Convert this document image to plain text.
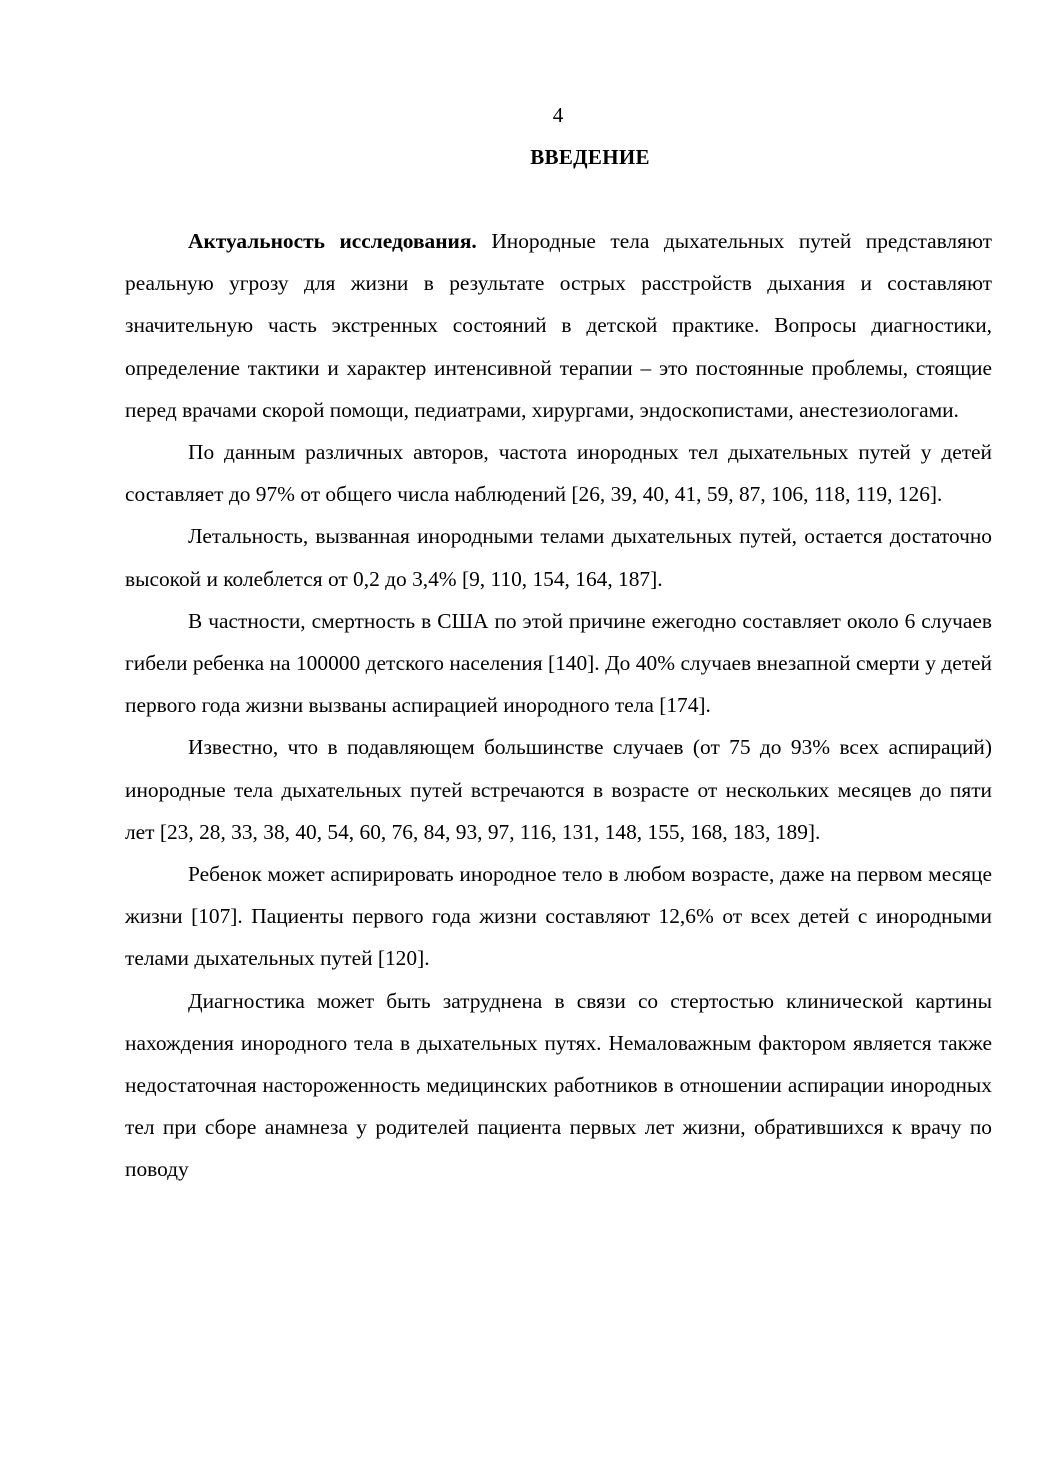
4
ВВЕДЕНИЕ

Актуальность исследования. Инородные тела дыхательных путей представляют реальную угрозу для жизни в результате острых расстройств дыхания и составляют значительную часть экстренных состояний в детской практике. Вопросы диагностики, определение тактики и характер интенсивной терапии – это постоянные проблемы, стоящие перед врачами скорой помощи, педиатрами, хирургами, эндоскопистами, анестезиологами.

По данным различных авторов, частота инородных тел дыхательных путей у детей составляет до 97% от общего числа наблюдений [26, 39, 40, 41, 59, 87, 106, 118, 119, 126].

Летальность, вызванная инородными телами дыхательных путей, остается достаточно высокой и колеблется от 0,2 до 3,4% [9, 110, 154, 164, 187].

В частности, смертность в США по этой причине ежегодно составляет около 6 случаев гибели ребенка на 100000 детского населения [140]. До 40% случаев внезапной смерти у детей первого года жизни вызваны аспирацией инородного тела [174].

Известно, что в подавляющем большинстве случаев (от 75 до 93% всех аспираций) инородные тела дыхательных путей встречаются в возрасте от нескольких месяцев до пяти лет [23, 28, 33, 38, 40, 54, 60, 76, 84, 93, 97, 116, 131, 148, 155, 168, 183, 189].

Ребенок может аспирировать инородное тело в любом возрасте, даже на первом месяце жизни [107]. Пациенты первого года жизни составляют 12,6% от всех детей с инородными телами дыхательных путей [120].

Диагностика может быть затруднена в связи со стертостью клинической картины нахождения инородного тела в дыхательных путях. Немаловажным фактором является также недостаточная настороженность медицинских работников в отношении аспирации инородных тел при сборе анамнеза у родителей пациента первых лет жизни, обратившихся к врачу по поводу
